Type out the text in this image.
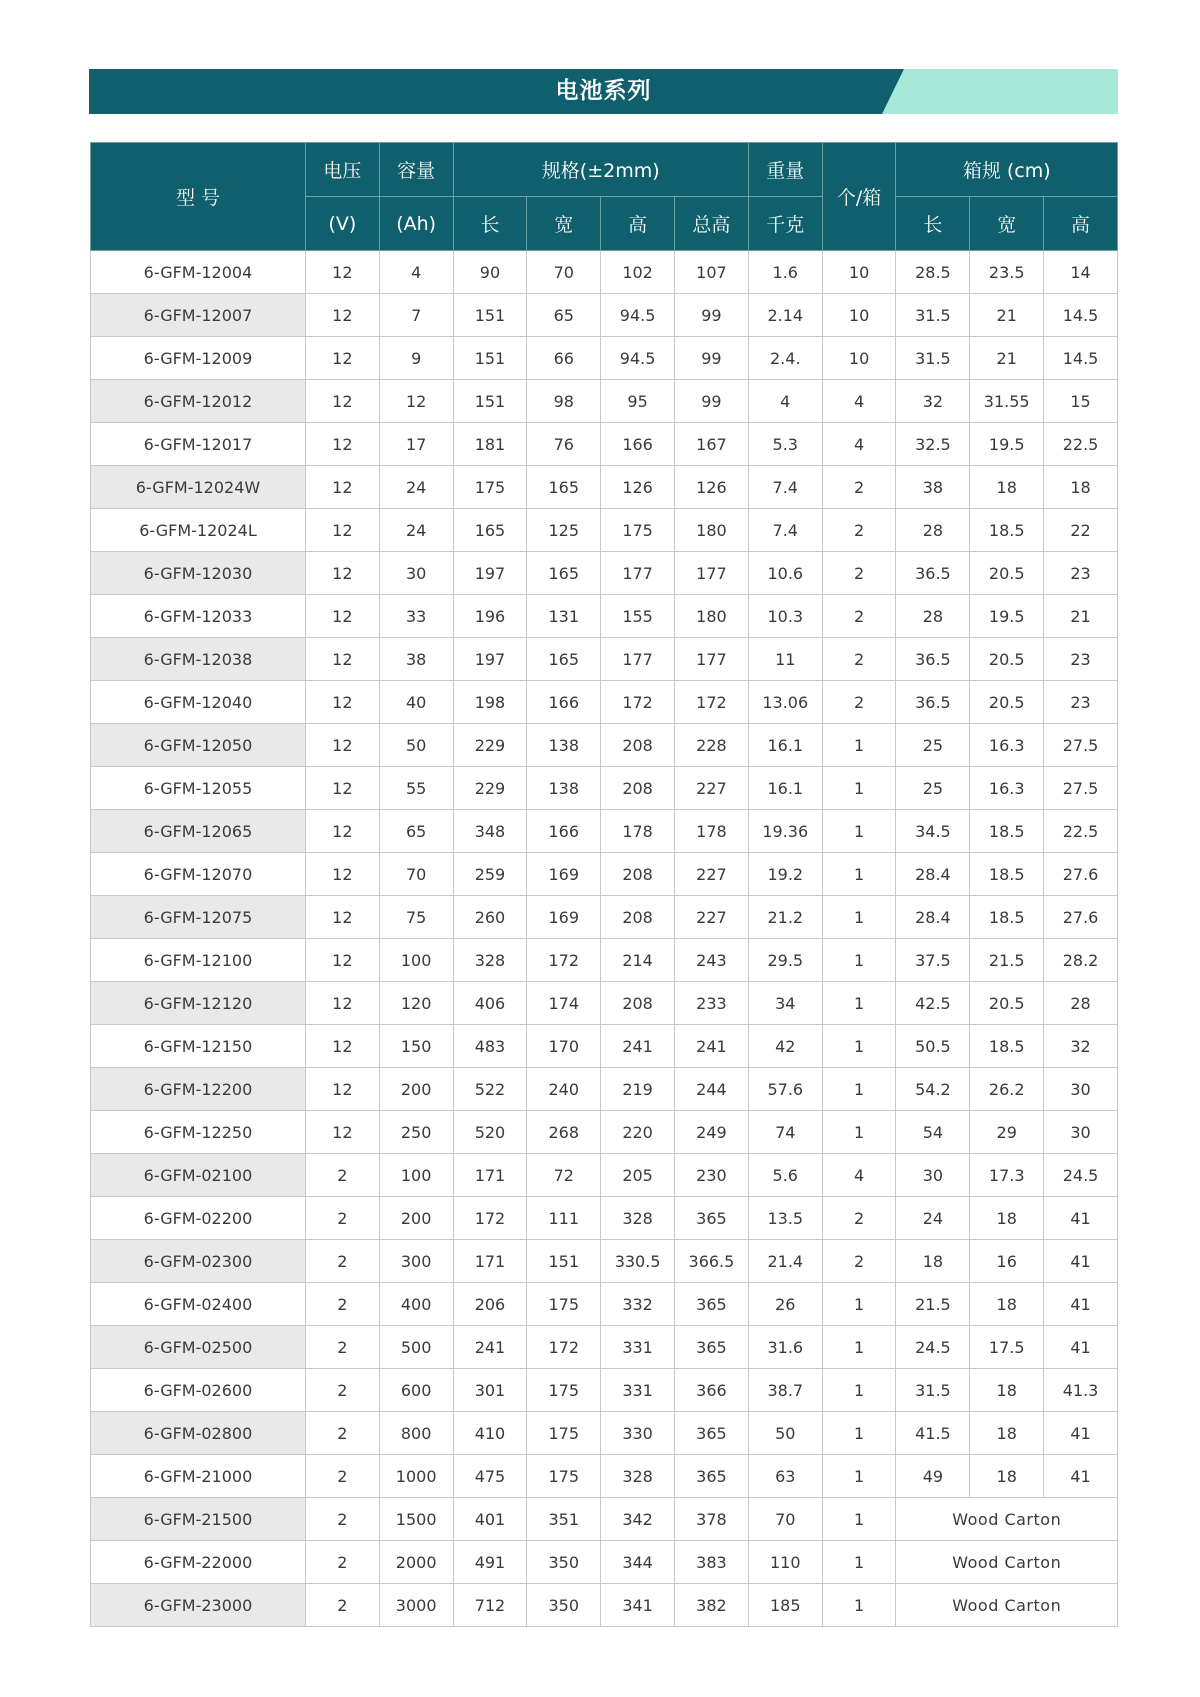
电池系列
型 号	电压	容量	规格(±2mm)				重量	个/箱	箱规 (cm)		
	(V)	(Ah)	长	宽	高	总高	千克		长	宽	高
6-GFM-12004	12	4	90	70	102	107	1.6	10	28.5	23.5	14
6-GFM-12007	12	7	151	65	94.5	99	2.14	10	31.5	21	14.5
6-GFM-12009	12	9	151	66	94.5	99	2.4.	10	31.5	21	14.5
6-GFM-12012	12	12	151	98	95	99	4	4	32	31.55	15
6-GFM-12017	12	17	181	76	166	167	5.3	4	32.5	19.5	22.5
6-GFM-12024W	12	24	175	165	126	126	7.4	2	38	18	18
6-GFM-12024L	12	24	165	125	175	180	7.4	2	28	18.5	22
6-GFM-12030	12	30	197	165	177	177	10.6	2	36.5	20.5	23
6-GFM-12033	12	33	196	131	155	180	10.3	2	28	19.5	21
6-GFM-12038	12	38	197	165	177	177	11	2	36.5	20.5	23
6-GFM-12040	12	40	198	166	172	172	13.06	2	36.5	20.5	23
6-GFM-12050	12	50	229	138	208	228	16.1	1	25	16.3	27.5
6-GFM-12055	12	55	229	138	208	227	16.1	1	25	16.3	27.5
6-GFM-12065	12	65	348	166	178	178	19.36	1	34.5	18.5	22.5
6-GFM-12070	12	70	259	169	208	227	19.2	1	28.4	18.5	27.6
6-GFM-12075	12	75	260	169	208	227	21.2	1	28.4	18.5	27.6
6-GFM-12100	12	100	328	172	214	243	29.5	1	37.5	21.5	28.2
6-GFM-12120	12	120	406	174	208	233	34	1	42.5	20.5	28
6-GFM-12150	12	150	483	170	241	241	42	1	50.5	18.5	32
6-GFM-12200	12	200	522	240	219	244	57.6	1	54.2	26.2	30
6-GFM-12250	12	250	520	268	220	249	74	1	54	29	30
6-GFM-02100	2	100	171	72	205	230	5.6	4	30	17.3	24.5
6-GFM-02200	2	200	172	111	328	365	13.5	2	24	18	41
6-GFM-02300	2	300	171	151	330.5	366.5	21.4	2	18	16	41
6-GFM-02400	2	400	206	175	332	365	26	1	21.5	18	41
6-GFM-02500	2	500	241	172	331	365	31.6	1	24.5	17.5	41
6-GFM-02600	2	600	301	175	331	366	38.7	1	31.5	18	41.3
6-GFM-02800	2	800	410	175	330	365	50	1	41.5	18	41
6-GFM-21000	2	1000	475	175	328	365	63	1	49	18	41
6-GFM-21500	2	1500	401	351	342	378	70	1	Wood Carton		
6-GFM-22000	2	2000	491	350	344	383	110	1	Wood Carton		
6-GFM-23000	2	3000	712	350	341	382	185	1	Wood Carton		
